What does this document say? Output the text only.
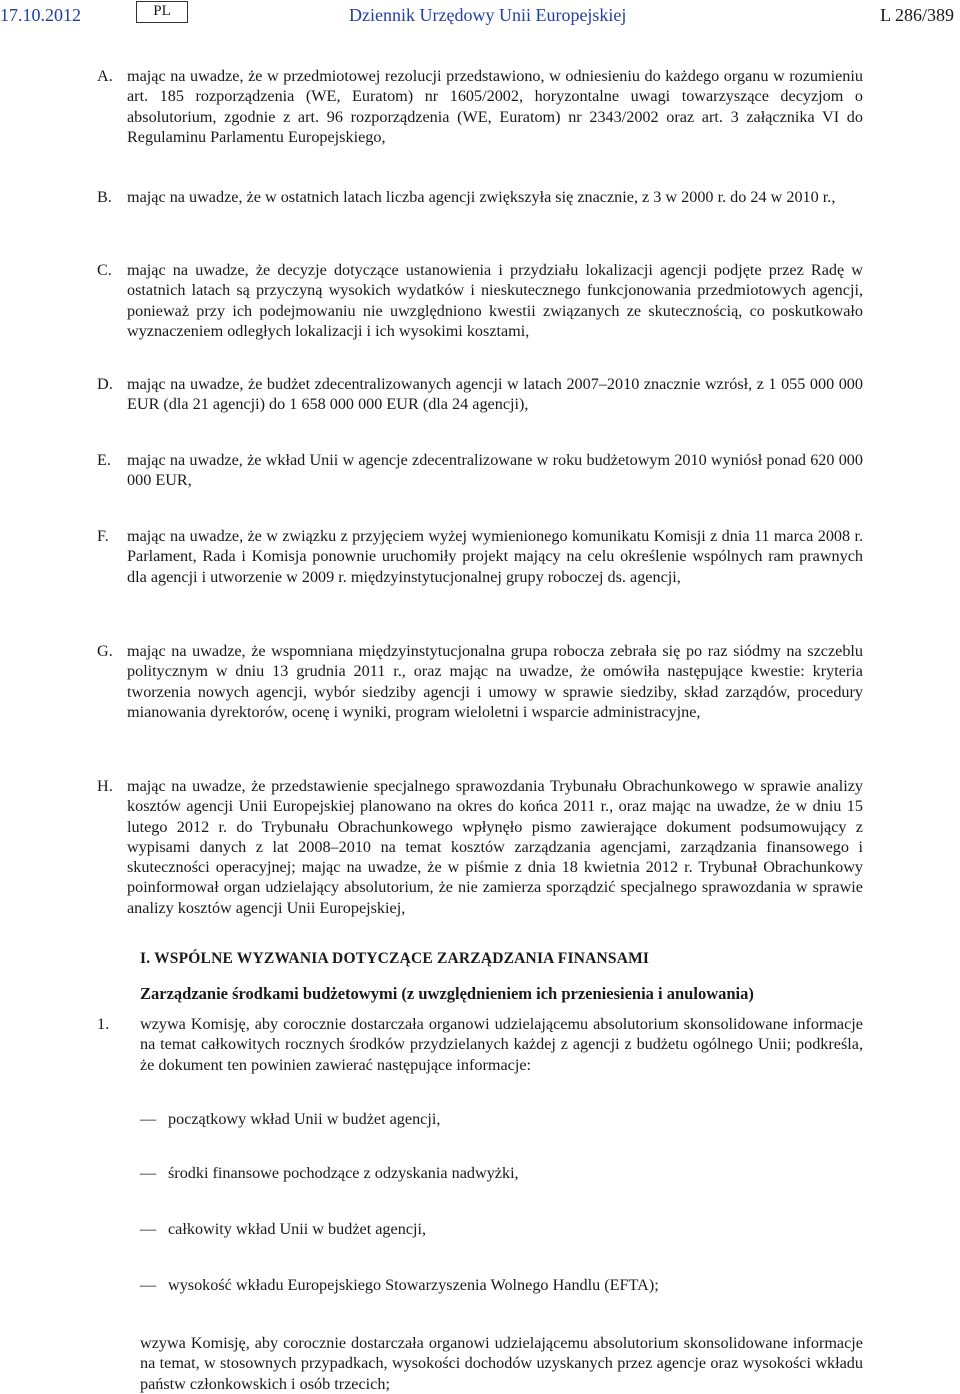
17.10.2012	PL	Dziennik Urzędowy Unii Europejskiej	L 286/389
A. mając na uwadze, że w przedmiotowej rezolucji przedstawiono, w odniesieniu do każdego organu w rozumieniu art. 185 rozporządzenia (WE, Euratom) nr 1605/2002, horyzontalne uwagi towarzyszące decyzjom o absolutorium, zgodnie z art. 96 rozporządzenia (WE, Euratom) nr 2343/2002 oraz art. 3 załącznika VI do Regulaminu Parlamentu Europejskiego,
B. mając na uwadze, że w ostatnich latach liczba agencji zwiększyła się znacznie, z 3 w 2000 r. do 24 w 2010 r.,
C. mając na uwadze, że decyzje dotyczące ustanowienia i przydziału lokalizacji agencji podjęte przez Radę w ostatnich latach są przyczyną wysokich wydatków i nieskutecznego funkcjonowania przedmiotowych agencji, ponieważ przy ich podejmowaniu nie uwzględniono kwestii związanych ze skutecznością, co poskutkowało wyznaczeniem odległych lokalizacji i ich wysokimi kosztami,
D. mając na uwadze, że budżet zdecentralizowanych agencji w latach 2007–2010 znacznie wzrósł, z 1 055 000 000 EUR (dla 21 agencji) do 1 658 000 000 EUR (dla 24 agencji),
E. mając na uwadze, że wkład Unii w agencje zdecentralizowane w roku budżetowym 2010 wyniósł ponad 620 000 000 EUR,
F. mając na uwadze, że w związku z przyjęciem wyżej wymienionego komunikatu Komisji z dnia 11 marca 2008 r. Parlament, Rada i Komisja ponownie uruchomiły projekt mający na celu określenie wspólnych ram prawnych dla agencji i utworzenie w 2009 r. międzyinstytucjonalnej grupy roboczej ds. agencji,
G. mając na uwadze, że wspomniana międzyinstytucjonalna grupa robocza zebrała się po raz siódmy na szczeblu politycznym w dniu 13 grudnia 2011 r., oraz mając na uwadze, że omówiła następujące kwestie: kryteria tworzenia nowych agencji, wybór siedziby agencji i umowy w sprawie siedziby, skład zarządów, procedury mianowania dyrektorów, ocenę i wyniki, program wieloletni i wsparcie administracyjne,
H. mając na uwadze, że przedstawienie specjalnego sprawozdania Trybunału Obrachunkowego w sprawie analizy kosztów agencji Unii Europejskiej planowano na okres do końca 2011 r., oraz mając na uwadze, że w dniu 15 lutego 2012 r. do Trybunału Obrachunkowego wpłynęło pismo zawierające dokument podsumowujący z wypisami danych z lat 2008–2010 na temat kosztów zarządzania agencjami, zarządzania finansowego i skuteczności operacyjnej; mając na uwadze, że w piśmie z dnia 18 kwietnia 2012 r. Trybunał Obrachunkowy poinformował organ udzielający absolutorium, że nie zamierza sporządzić specjalnego sprawozdania w sprawie analizy kosztów agencji Unii Europejskiej,
I. WSPÓLNE WYZWANIA DOTYCZĄCE ZARZĄDZANIA FINANSAMI
Zarządzanie środkami budżetowymi (z uwzględnieniem ich przeniesienia i anulowania)
1. wzywa Komisję, aby corocznie dostarczała organowi udzielającemu absolutorium skonsolidowane informacje na temat całkowitych rocznych środków przydzielanych każdej z agencji z budżetu ogólnego Unii; podkreśla, że dokument ten powinien zawierać następujące informacje:
— początkowy wkład Unii w budżet agencji,
— środki finansowe pochodzące z odzyskania nadwyżki,
— całkowity wkład Unii w budżet agencji,
— wysokość wkładu Europejskiego Stowarzyszenia Wolnego Handlu (EFTA);
wzywa Komisję, aby corocznie dostarczała organowi udzielającemu absolutorium skonsolidowane informacje na temat, w stosownych przypadkach, wysokości dochodów uzyskanych przez agencje oraz wysokości wkładu państw członkowskich i osób trzecich;
